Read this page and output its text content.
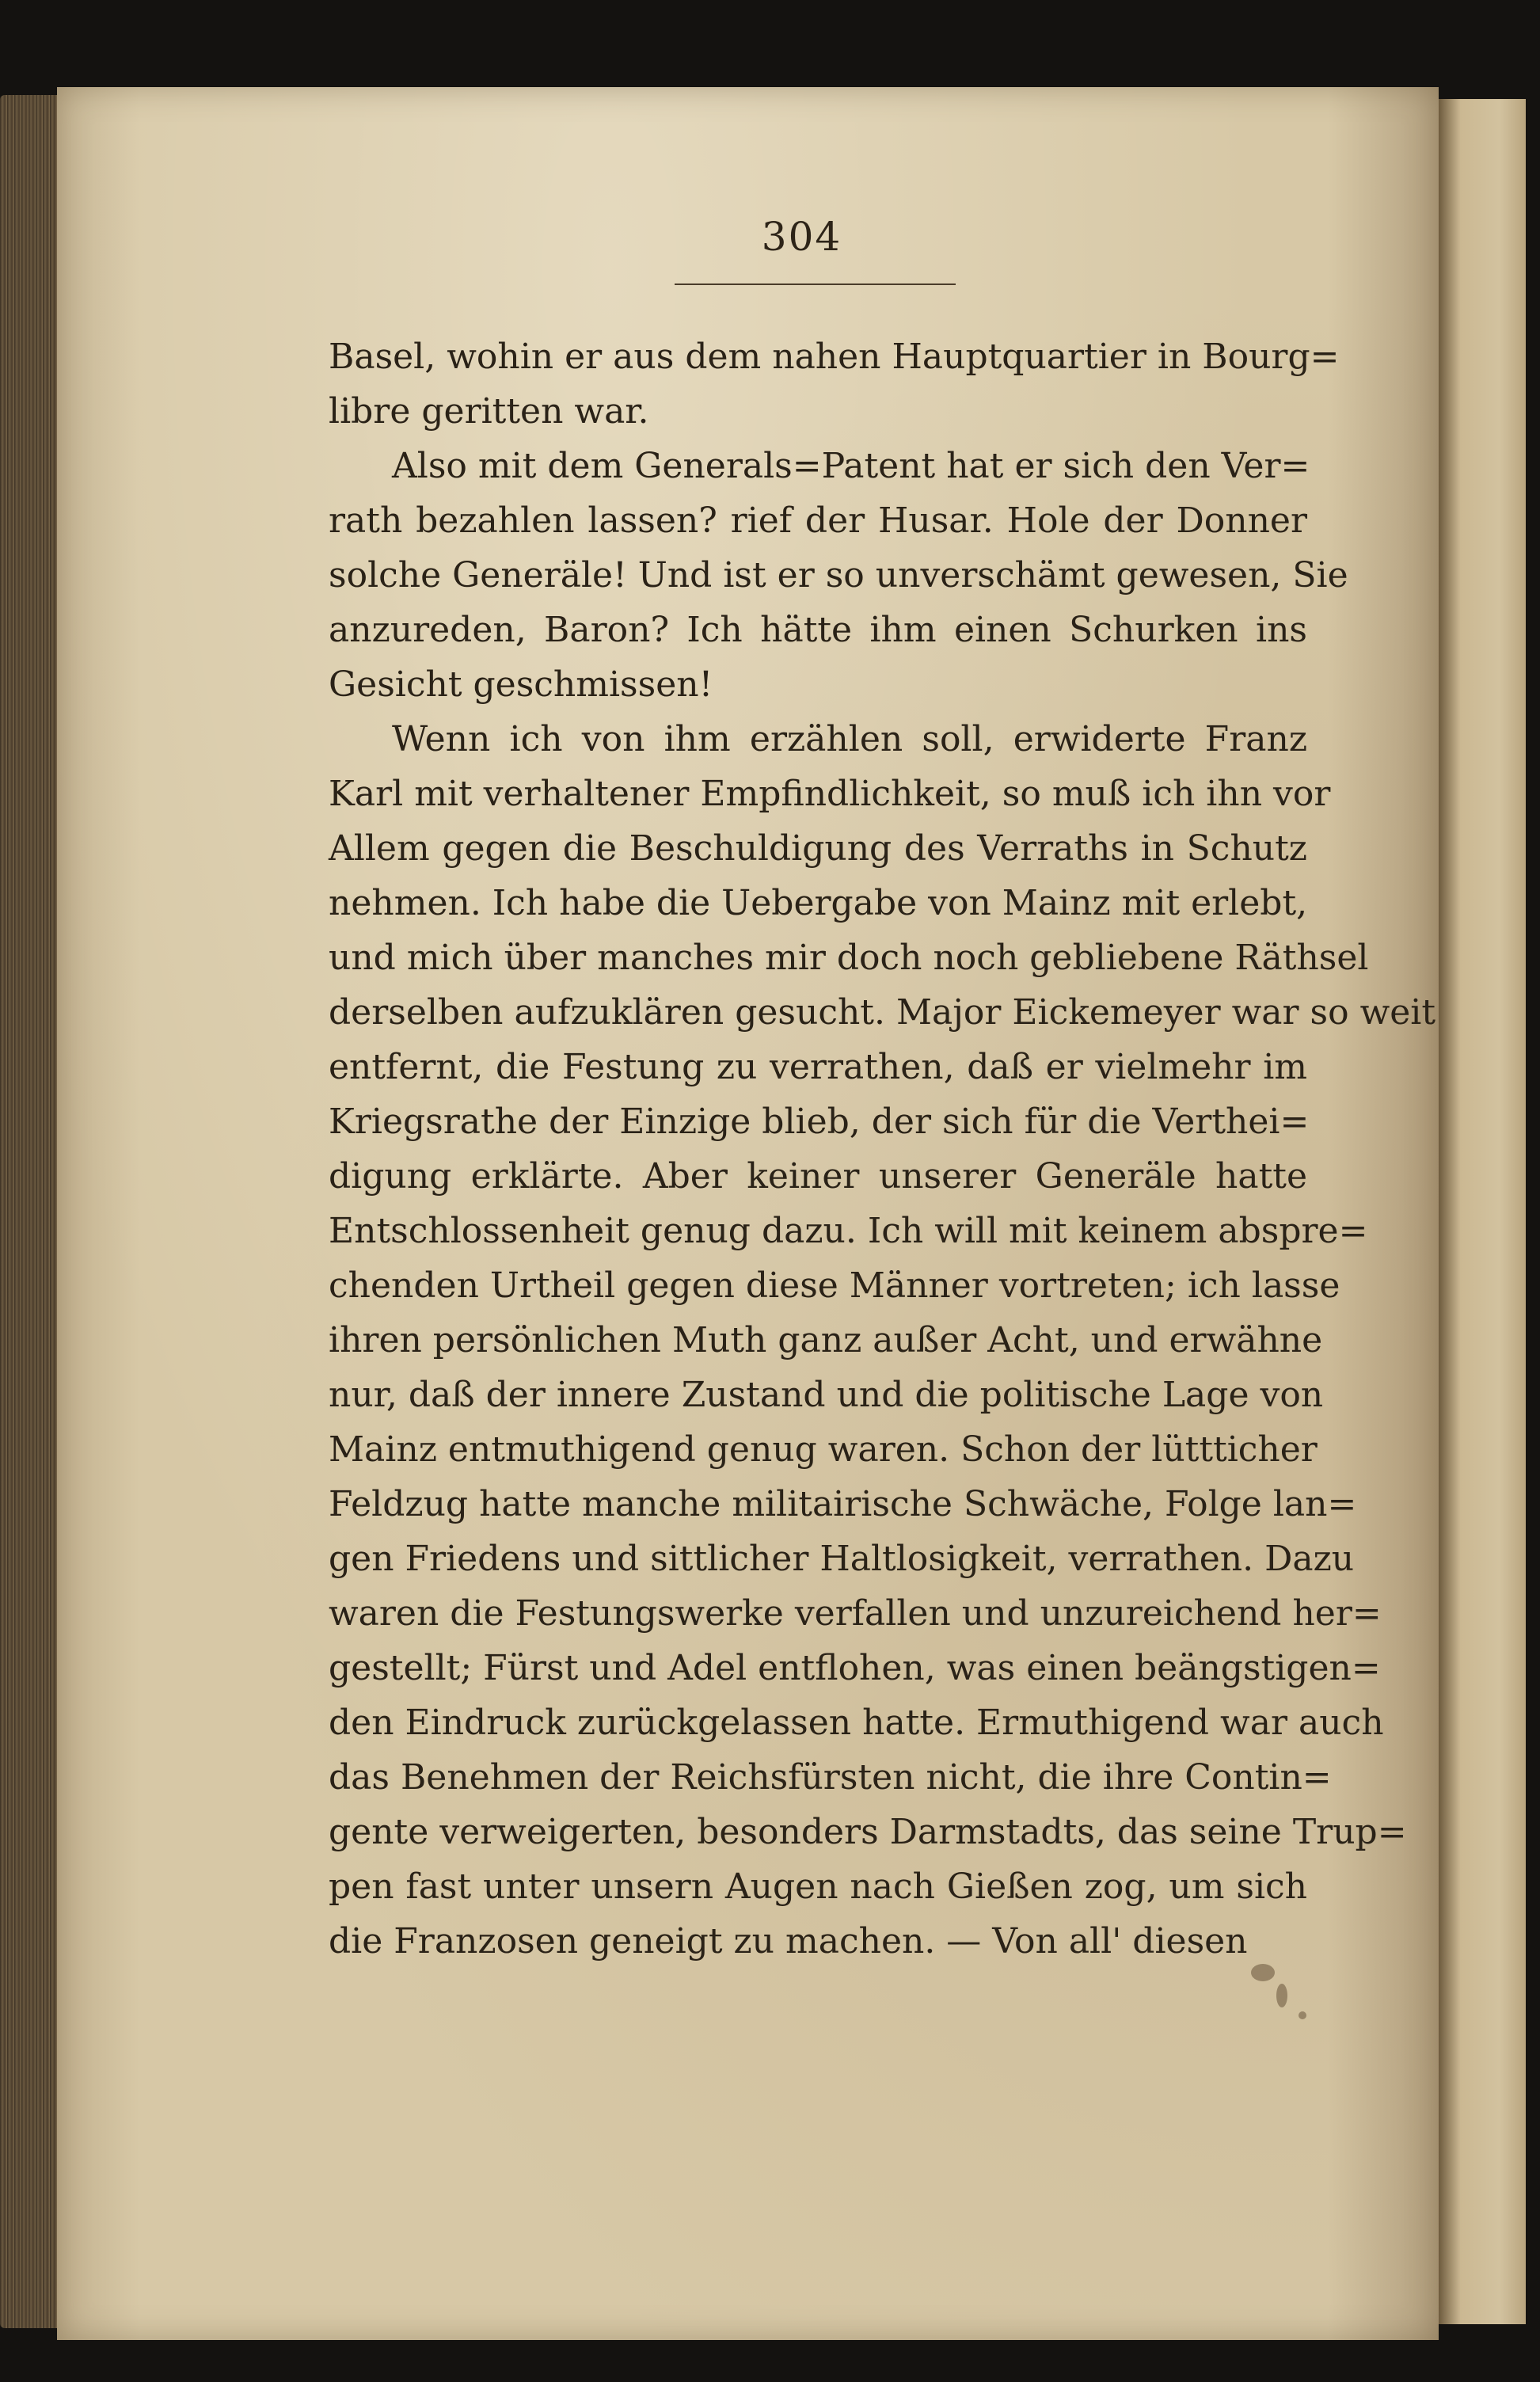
304
Basel, wohin er aus dem nahen Hauptquartier in Bourg=
libre geritten war.
Also mit dem Generals=Patent hat er sich den Ver=
rath bezahlen lassen? rief der Husar. Hole der Donner
solche Generäle! Und ist er so unverschämt gewesen, Sie
anzureden, Baron? Ich hätte ihm einen Schurken ins
Gesicht geschmissen!
Wenn ich von ihm erzählen soll, erwiderte Franz
Karl mit verhaltener Empfindlichkeit, so muß ich ihn vor
Allem gegen die Beschuldigung des Verraths in Schutz
nehmen. Ich habe die Uebergabe von Mainz mit erlebt,
und mich über manches mir doch noch gebliebene Räthsel
derselben aufzuklären gesucht. Major Eickemeyer war so weit
entfernt, die Festung zu verrathen, daß er vielmehr im
Kriegsrathe der Einzige blieb, der sich für die Verthei=
digung erklärte. Aber keiner unserer Generäle hatte
Entschlossenheit genug dazu. Ich will mit keinem absprе=
chenden Urtheil gegen diese Männer vortreten; ich lasse
ihren persönlichen Muth ganz außer Acht, und erwähne
nur, daß der innere Zustand und die politische Lage von
Mainz entmuthigend genug waren. Schon der lüttticher
Feldzug hatte manche militairische Schwäche, Folge lan=
gen Friedens und sittlicher Haltlosigkeit, verrathen. Dazu
waren die Festungswerke verfallen und unzureichend her=
gestellt; Fürst und Adel entflohen, was einen beängstigen=
den Eindruck zurückgelassen hatte. Ermuthigend war auch
das Benehmen der Reichsfürsten nicht, die ihre Contin=
gente verweigerten, besonders Darmstadts, das seine Trup=
pen fast unter unsern Augen nach Gießen zog, um sich
die Franzosen geneigt zu machen. — Von all' diesen
